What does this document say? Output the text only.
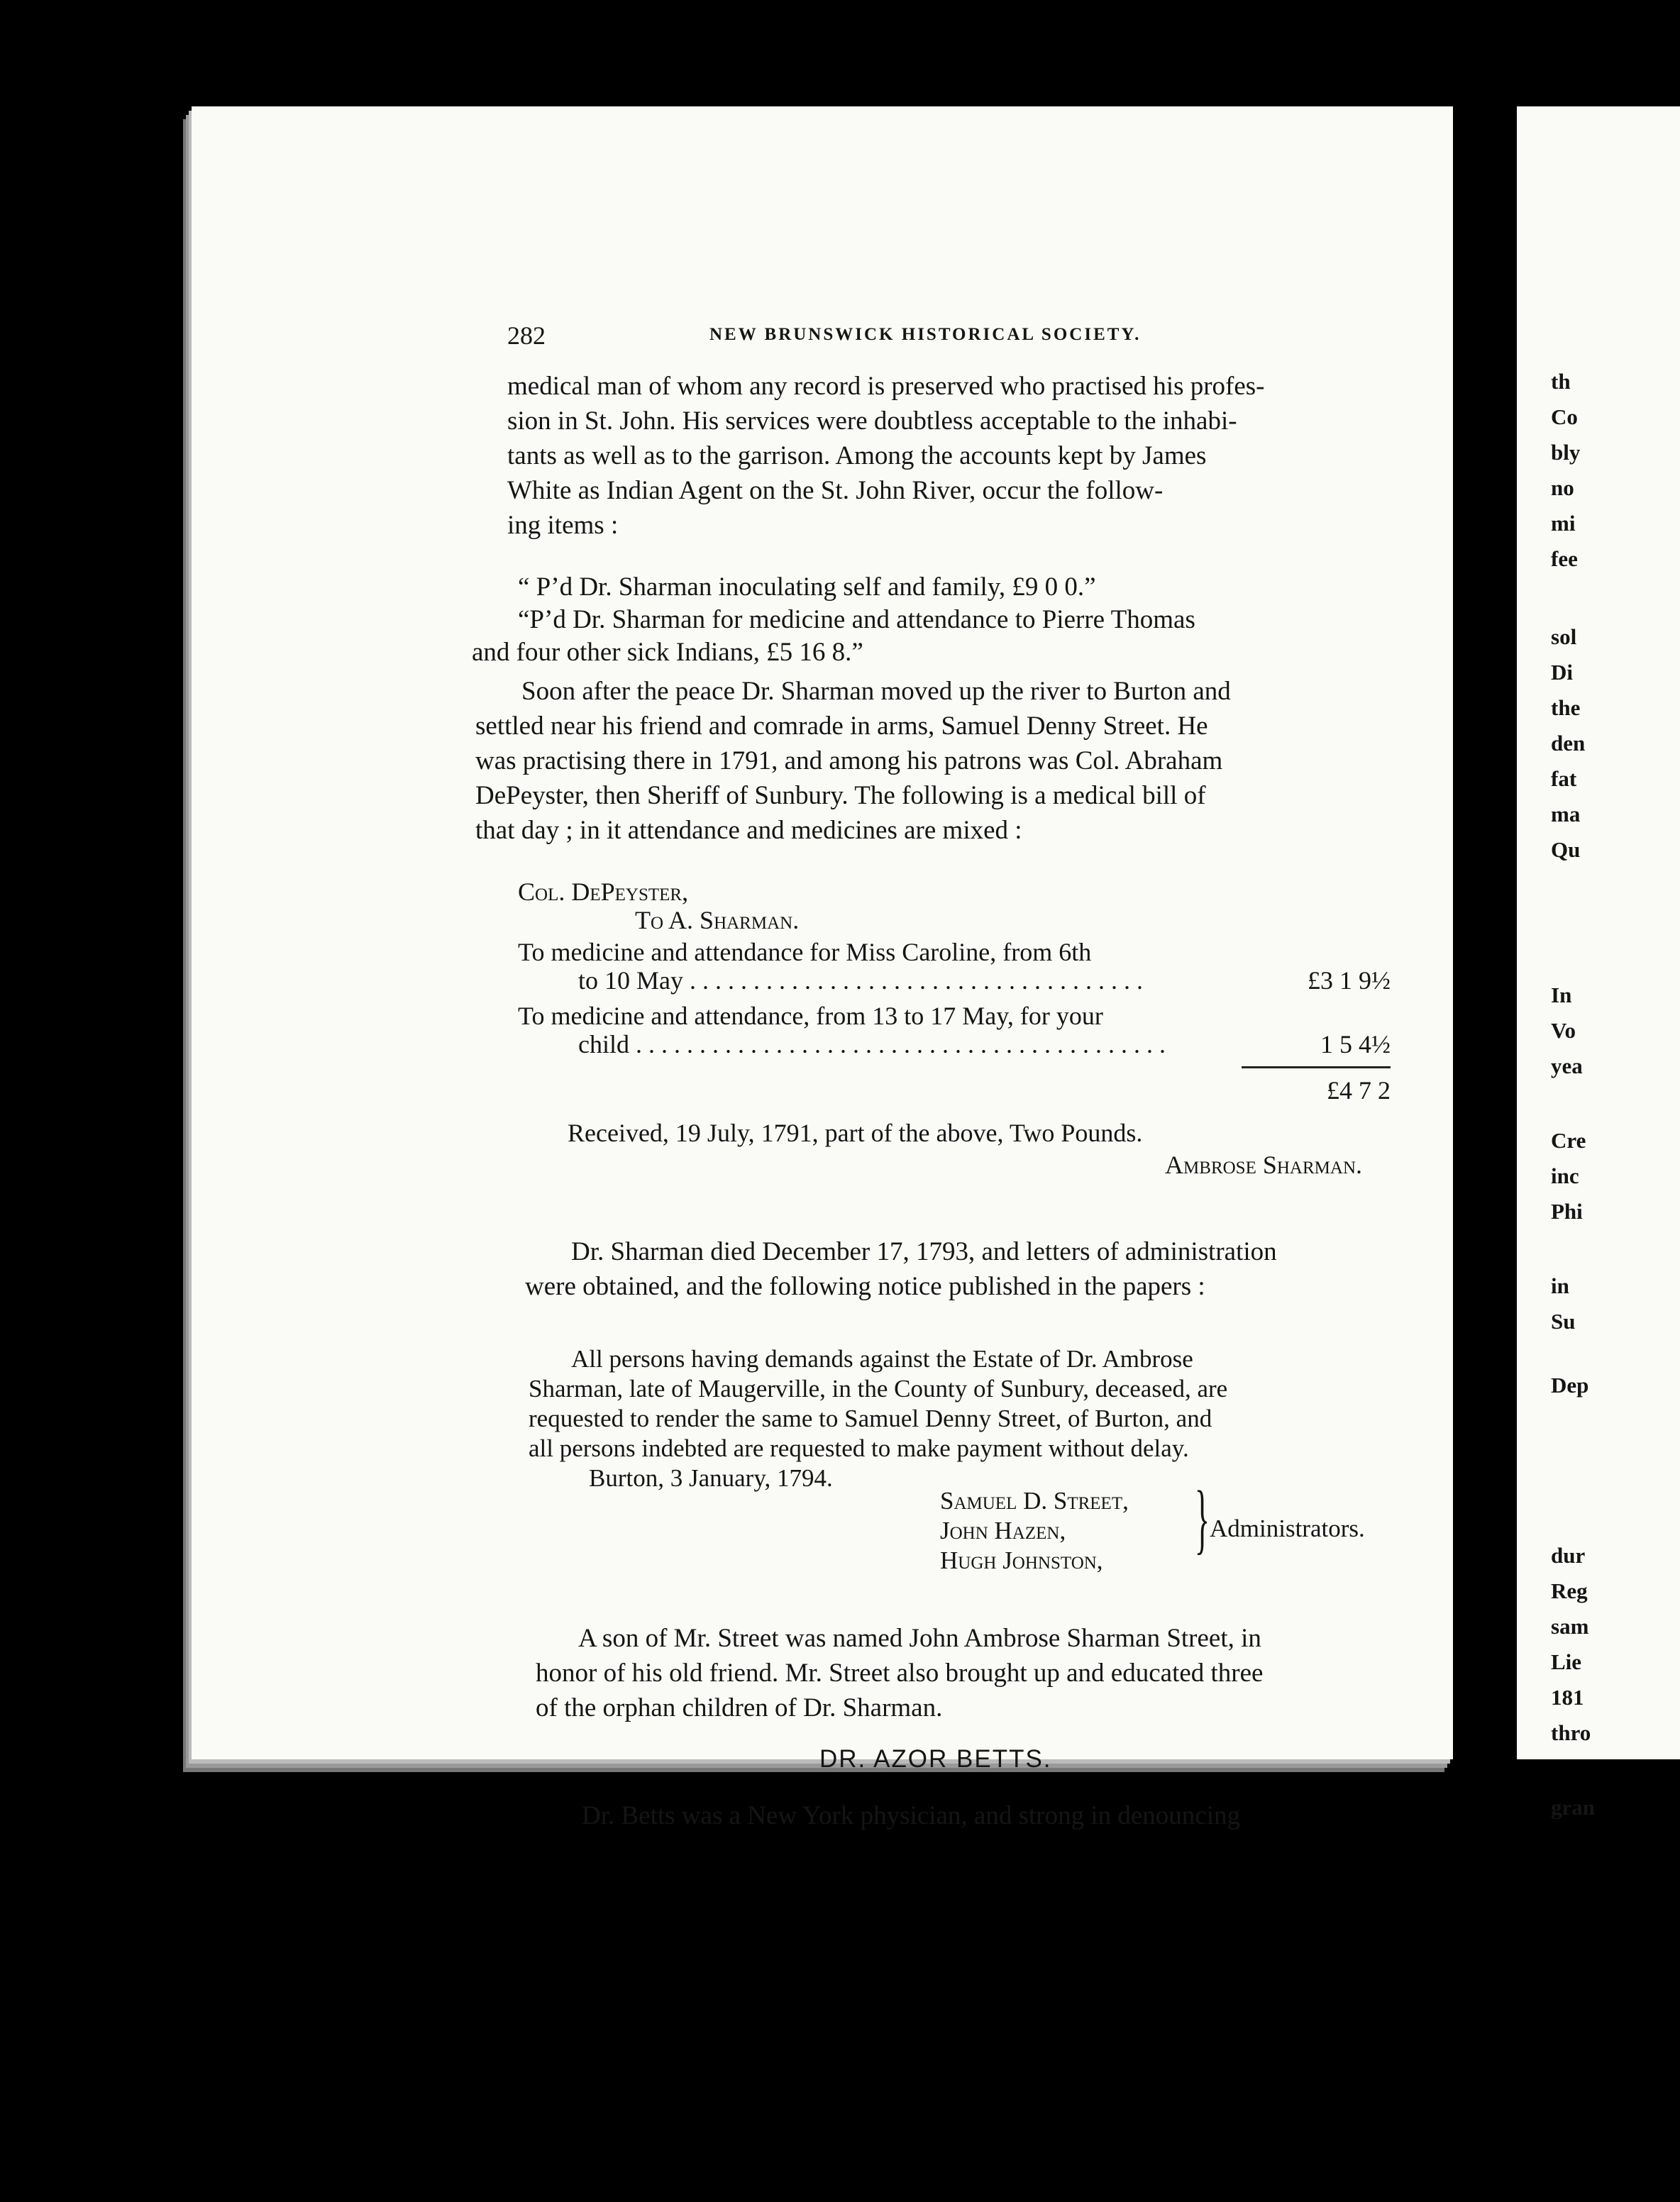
282	NEW BRUNSWICK HISTORICAL SOCIETY.
medical man of whom any record is preserved who practised his profes-
sion in St. John. His services were doubtless acceptable to the inhabi-
tants as well as to the garrison. Among the accounts kept by James
White as Indian Agent on the St. John River, occur the follow-
ing items :
“ P’d Dr. Sharman inoculating self and family, £9 0 0.”
“P’d Dr. Sharman for medicine and attendance to Pierre Thomas
and four other sick Indians, £5 16 8.”
Soon after the peace Dr. Sharman moved up the river to Burton and
settled near his friend and comrade in arms, Samuel Denny Street. He
was practising there in 1791, and among his patrons was Col. Abraham
DePeyster, then Sheriff of Sunbury. The following is a medical bill of
that day ; in it attendance and medicines are mixed :
Col. DePeyster,
To A. Sharman.
To medicine and attendance for Miss Caroline, from 6th
to 10 May . . . . . . . . . . . . . . . . . . . . . . . . . . . . . . . . . . . .	£3 1 9½
To medicine and attendance, from 13 to 17 May, for your
child . . . . . . . . . . . . . . . . . . . . . . . . . . . . . . . . . . . . . . . . . .	1 5 4½
£4 7 2
Received, 19 July, 1791, part of the above, Two Pounds.
Ambrose Sharman.
Dr. Sharman died December 17, 1793, and letters of administration
were obtained, and the following notice published in the papers :
All persons having demands against the Estate of Dr. Ambrose
Sharman, late of Maugerville, in the County of Sunbury, deceased, are
requested to render the same to Samuel Denny Street, of Burton, and
all persons indebted are requested to make payment without delay.
Burton, 3 January, 1794.
Samuel D. Street,
John Hazen,
Hugh Johnston, } Administrators.
A son of Mr. Street was named John Ambrose Sharman Street, in
honor of his old friend. Mr. Street also brought up and educated three
of the orphan children of Dr. Sharman.
DR. AZOR BETTS.
Dr. Betts was a New York physician, and strong in denouncing
th
Co
bly
no
mi
fee
sol
Di
the
den
fat
ma
Qu
In
Vo
yea
Cre
inc
Phi
in
Su
Dep
dur
Reg
sam
Lie
181
thro
gran
